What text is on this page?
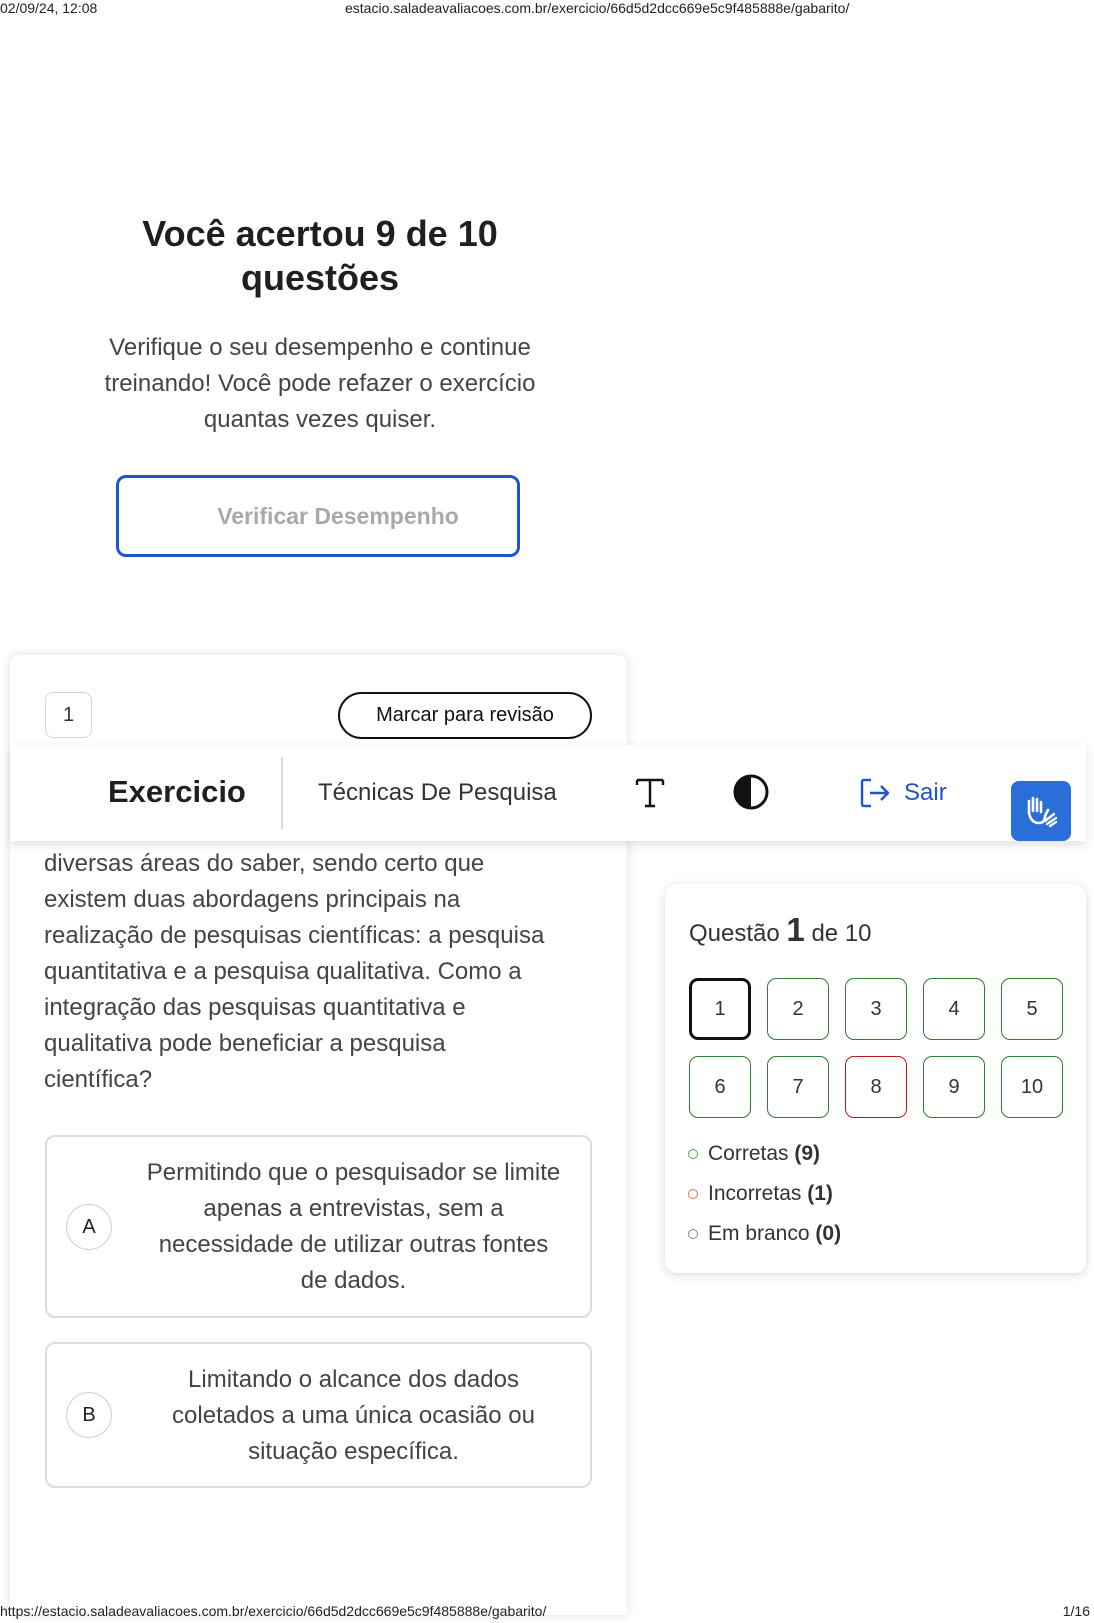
02/09/24, 12:08	estacio.saladeavaliacoes.com.br/exercicio/66d5d2dcc669e5c9f485888e/gabarito/
Você acertou 9 de 10
questões
Verifique o seu desempenho e continue
treinando! Você pode refazer o exercício
quantas vezes quiser.
Verificar Desempenho
1	Marcar para revisão
diversas áreas do saber, sendo certo que
existem duas abordagens principais na
realização de pesquisas científicas: a pesquisa
quantitativa e a pesquisa qualitativa. Como a
integração das pesquisas quantitativa e
qualitativa pode beneficiar a pesquisa
científica?
A
Permitindo que o pesquisador se limite
apenas a entrevistas, sem a
necessidade de utilizar outras fontes
de dados.
B
Limitando o alcance dos dados
coletados a uma única ocasião ou
situação específica.
Exercicio	Técnicas De Pesquisa	Sair
Questão 1 de 10
1	2	3	4	5
6	7	8	9	10
Corretas (9)
Incorretas (1)
Em branco (0)
https://estacio.saladeavaliacoes.com.br/exercicio/66d5d2dcc669e5c9f485888e/gabarito/	1/16
